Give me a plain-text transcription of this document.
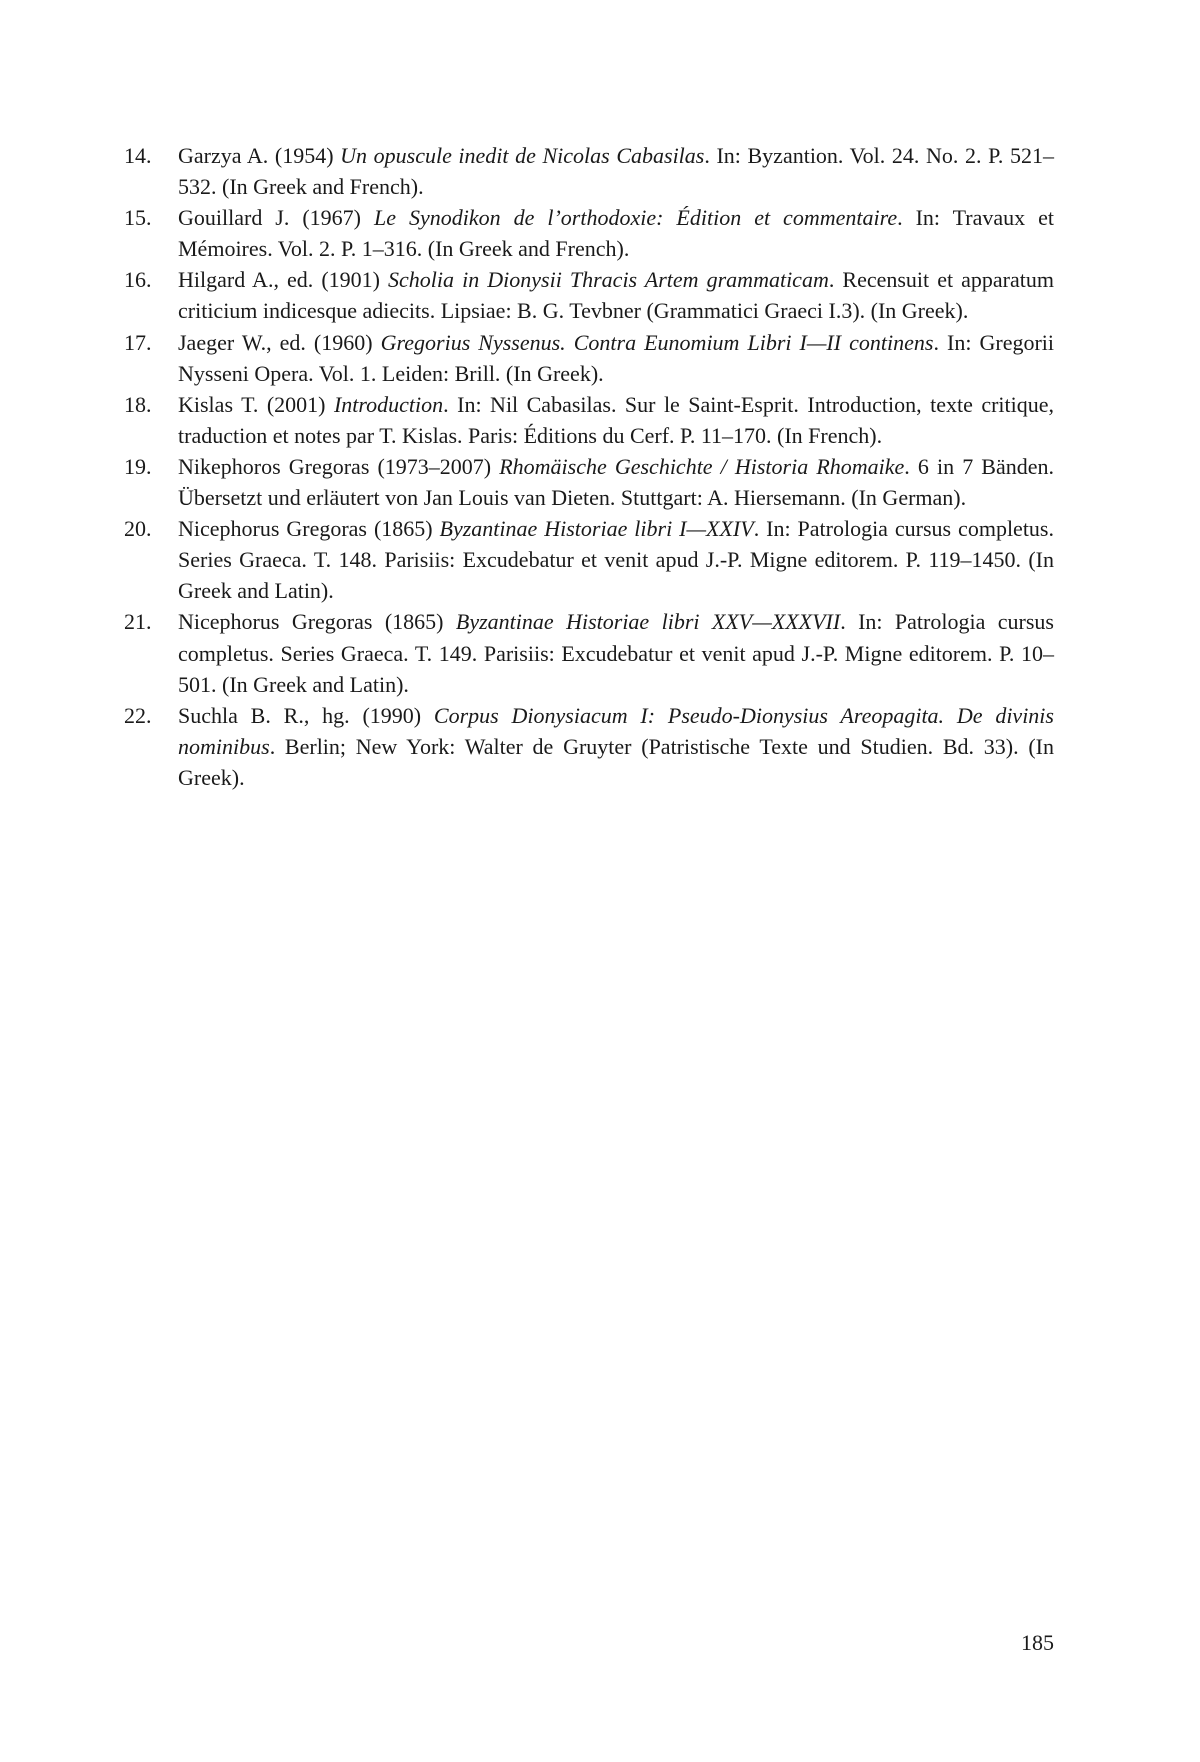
14. Garzya A. (1954) Un opuscule inedit de Nicolas Cabasilas. In: Byzantion. Vol. 24. No. 2. P. 521–532. (In Greek and French).
15. Gouillard J. (1967) Le Synodikon de l’orthodoxie: Édition et commentaire. In: Travaux et Mémoires. Vol. 2. P. 1–316. (In Greek and French).
16. Hilgard A., ed. (1901) Scholia in Dionysii Thracis Artem grammaticam. Recensuit et apparatum criticium indicesque adiecits. Lipsiae: B. G. Tevbner (Grammatici Graeci I.3). (In Greek).
17. Jaeger W., ed. (1960) Gregorius Nyssenus. Contra Eunomium Libri I—II continens. In: Gregorii Nysseni Opera. Vol. 1. Leiden: Brill. (In Greek).
18. Kislas T. (2001) Introduction. In: Nil Cabasilas. Sur le Saint-Esprit. Introduction, texte critique, traduction et notes par T. Kislas. Paris: Éditions du Cerf. P. 11–170. (In French).
19. Nikephoros Gregoras (1973–2007) Rhomäische Geschichte / Historia Rhomaike. 6 in 7 Bänden. Übersetzt und erläutert von Jan Louis van Dieten. Stuttgart: A. Hiersemann. (In German).
20. Nicephorus Gregoras (1865) Byzantinae Historiae libri I—XXIV. In: Patrologia cursus completus. Series Graeca. T. 148. Parisiis: Excudebatur et venit apud J.-P. Migne editorem. P. 119–1450. (In Greek and Latin).
21. Nicephorus Gregoras (1865) Byzantinae Historiae libri XXV—XXXVII. In: Patrologia cursus completus. Series Graeca. T. 149. Parisiis: Excudebatur et venit apud J.-P. Migne editorem. P. 10–501. (In Greek and Latin).
22. Suchla B. R., hg. (1990) Corpus Dionysiacum I: Pseudo-Dionysius Areopagita. De divinis nominibus. Berlin; New York: Walter de Gruyter (Patristische Texte und Studien. Bd. 33). (In Greek).
185
